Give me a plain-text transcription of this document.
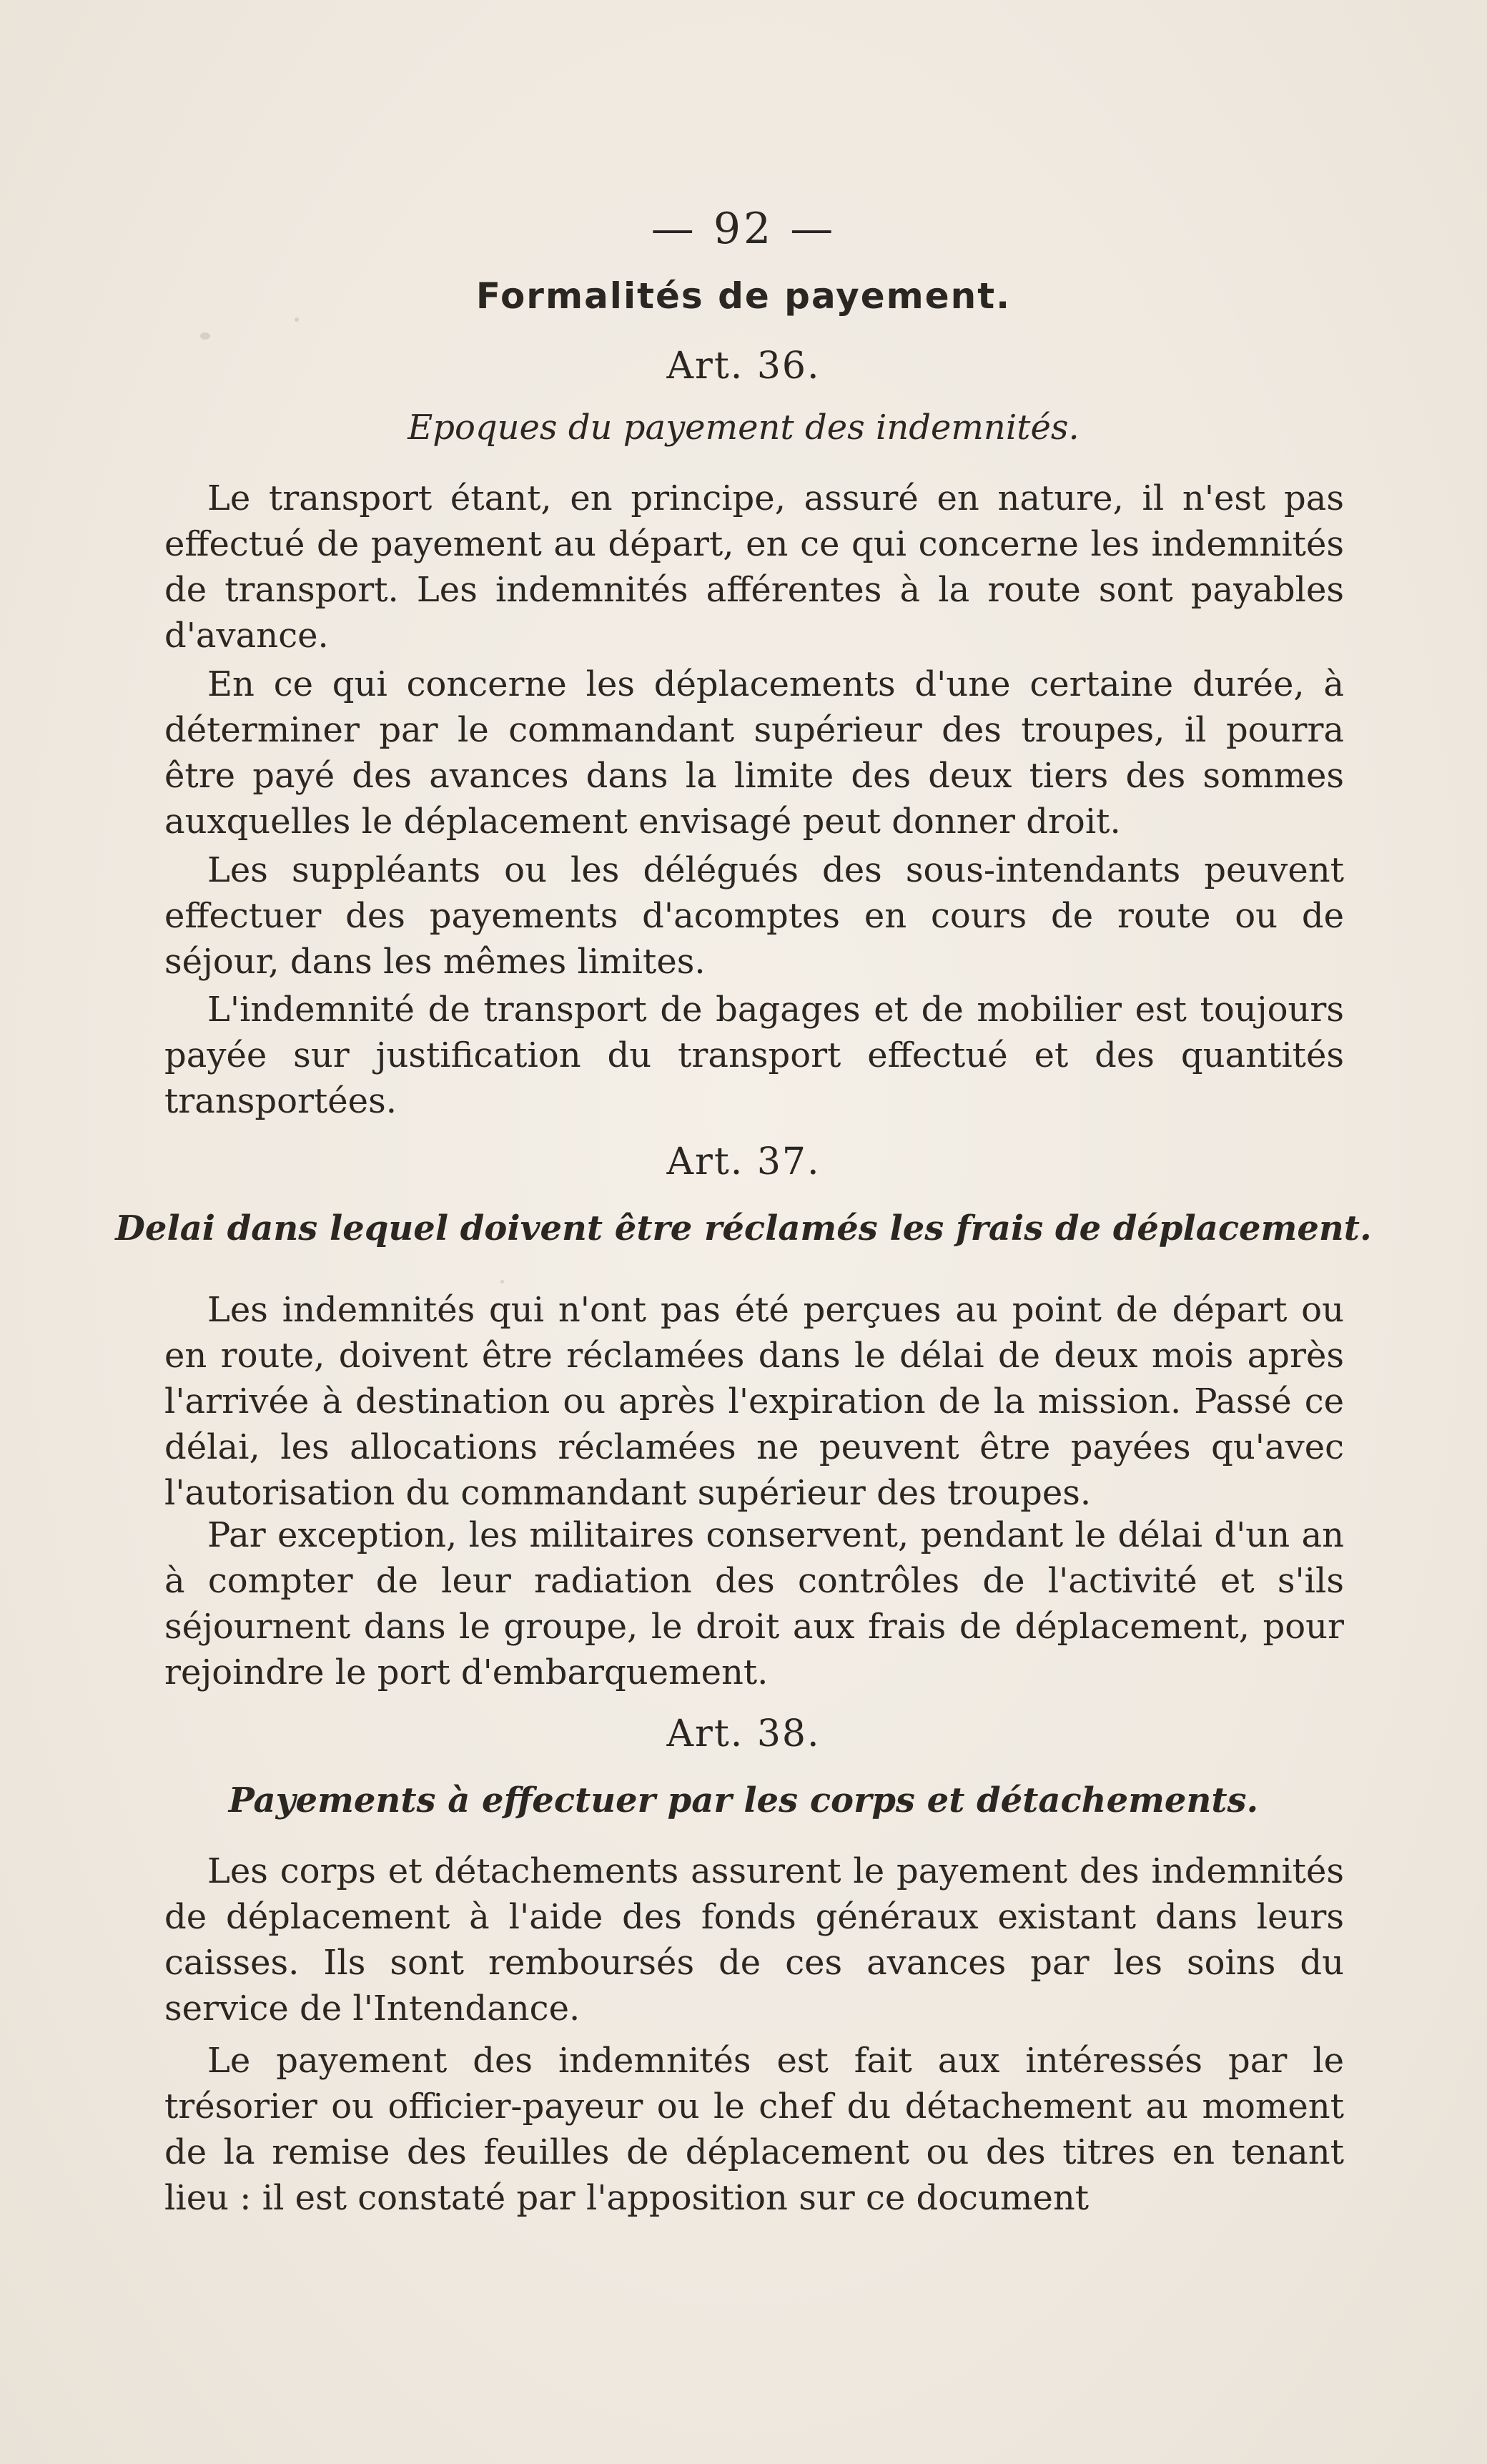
— 92 —
Formalités de payement.
Art. 36.
Epoques du payement des indemnités.

Le transport étant, en principe, assuré en nature, il n'est pas effectué de payement au départ, en ce qui concerne les indemnités de transport. Les indemnités afférentes à la route sont payables d'avance.

En ce qui concerne les déplacements d'une certaine durée, à déterminer par le commandant supérieur des troupes, il pourra être payé des avances dans la limite des deux tiers des sommes auxquelles le déplacement envisagé peut donner droit.

Les suppléants ou les délégués des sous-intendants peuvent effectuer des payements d'acomptes en cours de route ou de séjour, dans les mêmes limites.

L'indemnité de transport de bagages et de mobilier est toujours payée sur justification du transport effectué et des quantités transportées.

Art. 37.
Delai dans lequel doivent être réclamés les frais de déplacement.

Les indemnités qui n'ont pas été perçues au point de départ ou en route, doivent être réclamées dans le délai de deux mois après l'arrivée à destination ou après l'expiration de la mission. Passé ce délai, les allocations réclamées ne peuvent être payées qu'avec l'autorisation du commandant supérieur des troupes.

Par exception, les militaires conservent, pendant le délai d'un an à compter de leur radiation des contrôles de l'activité et s'ils séjournent dans le groupe, le droit aux frais de déplacement, pour rejoindre le port d'embarquement.

Art. 38.
Payements à effectuer par les corps et détachements.

Les corps et détachements assurent le payement des indemnités de déplacement à l'aide des fonds généraux existant dans leurs caisses. Ils sont remboursés de ces avances par les soins du service de l'Intendance.

Le payement des indemnités est fait aux intéressés par le trésorier ou officier-payeur ou le chef du détachement au moment de la remise des feuilles de déplacement ou des titres en tenant lieu : il est constaté par l'apposition sur ce document
